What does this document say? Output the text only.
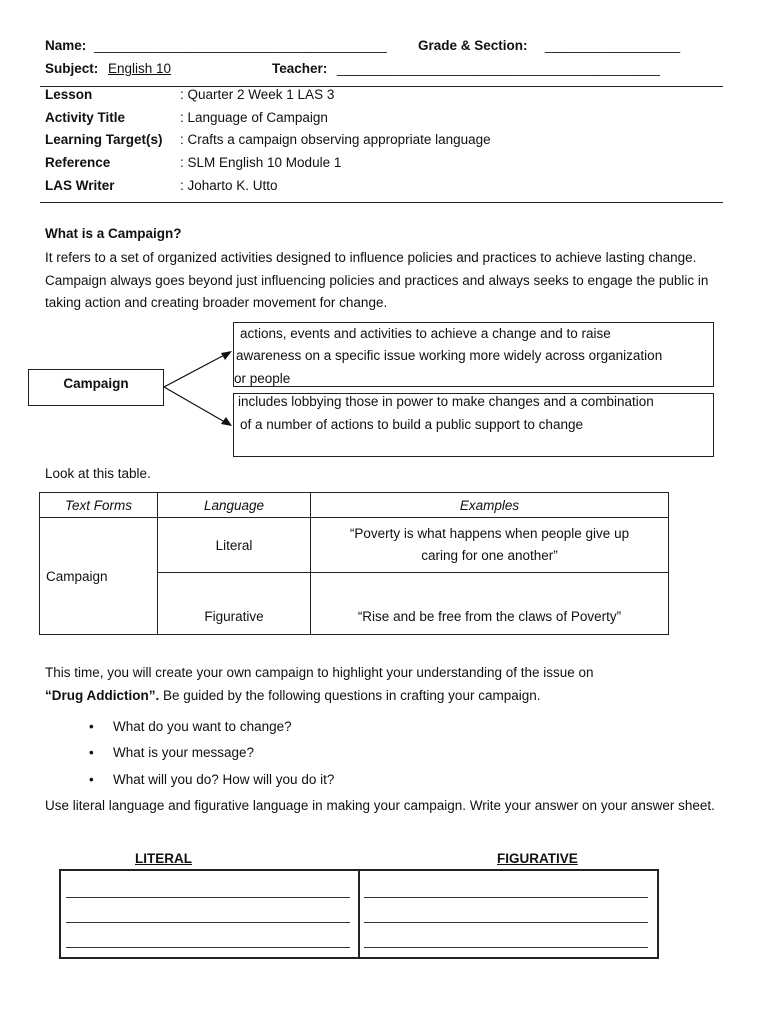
Name: _______________________________________ Grade & Section: __________________
Subject: English 10	Teacher: ___________________________________________
Lesson	: Quarter 2 Week 1 LAS 3
Activity Title	: Language of Campaign
Learning Target(s) : Crafts a campaign observing appropriate language
Reference	: SLM English 10 Module 1
LAS Writer	: Joharto K. Utto
What is a Campaign?
It refers to a set of organized activities designed to influence policies and practices to achieve lasting change. Campaign always goes beyond just influencing policies and practices and always seeks to engage the public in taking action and creating broader movement for change.
Campaign
actions, events and activities to achieve a change and to raise
awareness on a specific issue working more widely across organization
or people
includes lobbying those in power to make changes and a combination
of a number of actions to build a public support to change
Look at this table.
Text Forms	Language	Examples
Campaign	Literal	“Poverty is what happens when people give up
caring for one another”

	Figurative	“Rise and be free from the claws of Poverty”
This time, you will create your own campaign to highlight your understanding of the issue on
“Drug Addiction”. Be guided by the following questions in crafting your campaign.
• What do you want to change?
• What is your message?
• What will you do? How will you do it?
Use literal language and figurative language in making your campaign. Write your answer on your answer sheet.
LITERAL	FIGURATIVE
